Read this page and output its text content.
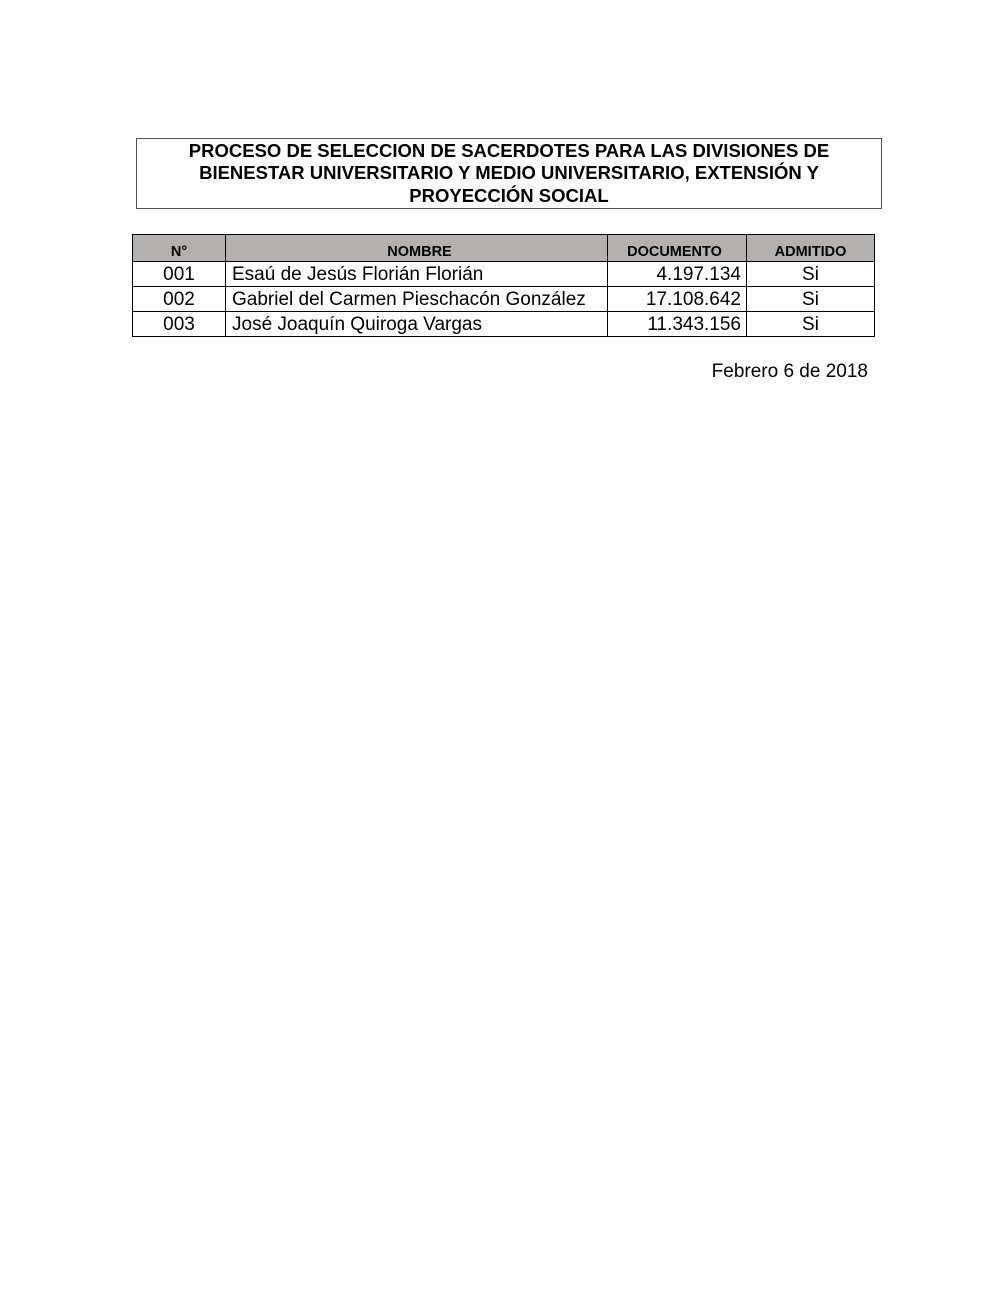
PROCESO DE SELECCION DE SACERDOTES PARA LAS DIVISIONES DE BIENESTAR UNIVERSITARIO Y MEDIO UNIVERSITARIO, EXTENSIÓN Y PROYECCIÓN SOCIAL

N°	NOMBRE	DOCUMENTO	ADMITIDO
001	Esaú de Jesús Florián Florián	4.197.134	Si
002	Gabriel del Carmen Pieschacón González	17.108.642	Si
003	José Joaquín Quiroga Vargas	11.343.156	Si

Febrero 6 de 2018
